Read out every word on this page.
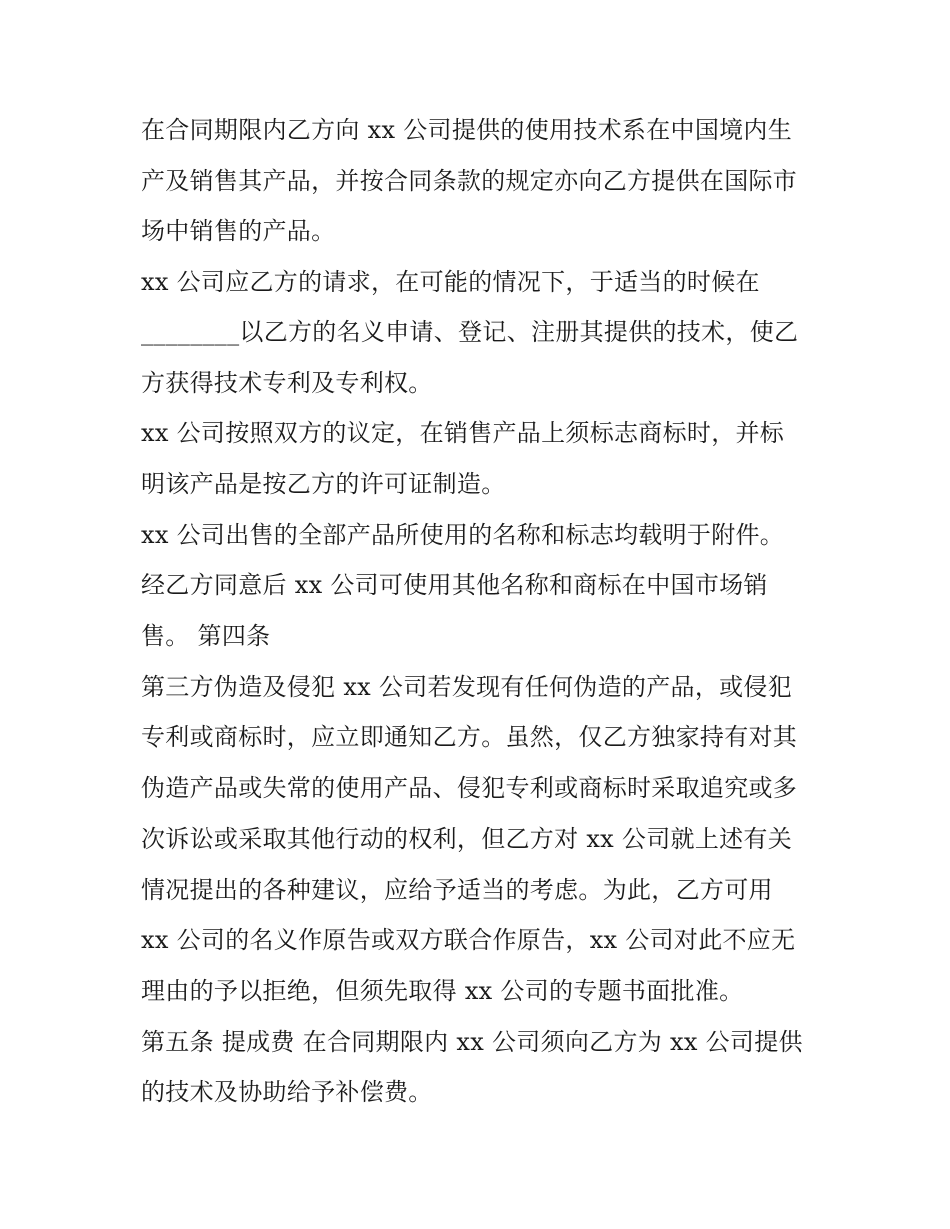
在合同期限内乙方向 xx 公司提供的使用技术系在中国境内生
产及销售其产品，并按合同条款的规定亦向乙方提供在国际市
场中销售的产品。
xx 公司应乙方的请求，在可能的情况下，于适当的时候在
________以乙方的名义申请、登记、注册其提供的技术，使乙
方获得技术专利及专利权。
xx 公司按照双方的议定，在销售产品上须标志商标时，并标
明该产品是按乙方的许可证制造。
xx 公司出售的全部产品所使用的名称和标志均载明于附件。
经乙方同意后 xx 公司可使用其他名称和商标在中国市场销
售。 第四条
第三方伪造及侵犯 xx 公司若发现有任何伪造的产品，或侵犯
专利或商标时，应立即通知乙方。虽然，仅乙方独家持有对其
伪造产品或失常的使用产品、侵犯专利或商标时采取追究或多
次诉讼或采取其他行动的权利，但乙方对 xx 公司就上述有关
情况提出的各种建议，应给予适当的考虑。为此，乙方可用
xx 公司的名义作原告或双方联合作原告，xx 公司对此不应无
理由的予以拒绝，但须先取得 xx 公司的专题书面批准。
第五条 提成费 在合同期限内 xx 公司须向乙方为 xx 公司提供
的技术及协助给予补偿费。
